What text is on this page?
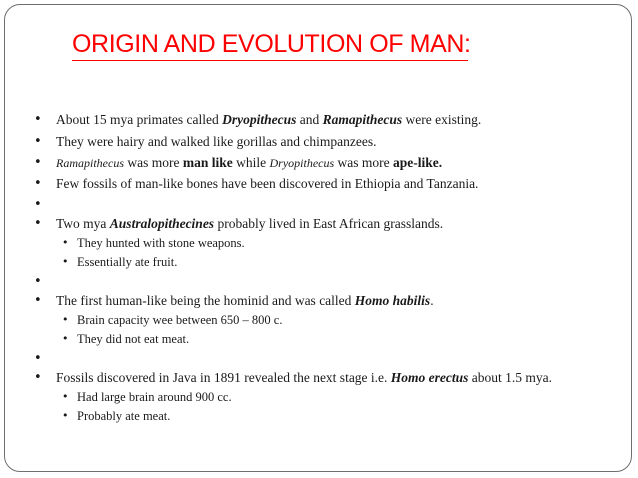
ORIGIN AND EVOLUTION OF MAN:
• About 15 mya primates called Dryopithecus and Ramapithecus were existing.
• They were hairy and walked like gorillas and chimpanzees.
• Ramapithecus was more man like while Dryopithecus was more ape-like.
• Few fossils of man-like bones have been discovered in Ethiopia and Tanzania.
•
• Two mya Australopithecines probably lived in East African grasslands.
• They hunted with stone weapons.
• Essentially ate fruit.
•
• The first human-like being the hominid and was called Homo habilis.
• Brain capacity wee between 650 – 800 c.
• They did not eat meat.
•
• Fossils discovered in Java in 1891 revealed the next stage i.e. Homo erectus about 1.5 mya.
• Had large brain around 900 cc.
• Probably ate meat.
